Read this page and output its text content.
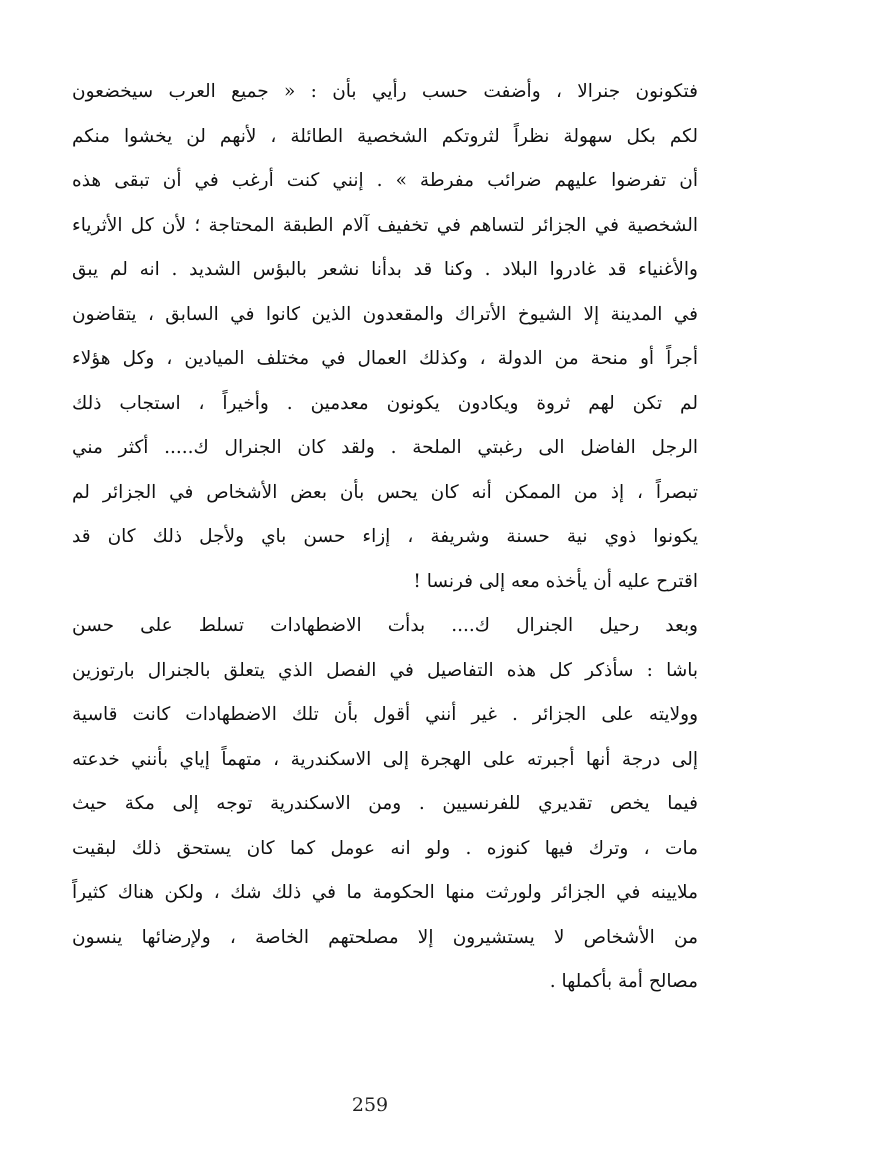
فتكونون جنرالا ، وأضفت حسب رأيي بأن : « جميع العرب سيخضعون
لكم بكل سهولة نظراً لثروتكم الشخصية الطائلة ، لأنهم لن يخشوا منكم
أن تفرضوا عليهم ضرائب مفرطة » . إنني كنت أرغب في أن تبقى هذه
الشخصية في الجزائر لتساهم في تخفيف آلام الطبقة المحتاجة ؛ لأن كل الأثرياء
والأغنياء قد غادروا البلاد . وكنا قد بدأنا نشعر بالبؤس الشديد . انه لم يبق
في المدينة إلا الشيوخ الأتراك والمقعدون الذين كانوا في السابق ، يتقاضون
أجراً أو منحة من الدولة ، وكذلك العمال في مختلف الميادين ، وكل هؤلاء
لم تكن لهم ثروة ويكادون يكونون معدمين . وأخيراً ، استجاب ذلك
الرجل الفاضل الى رغبتي الملحة . ولقد كان الجنرال ك..... أكثر مني
تبصراً ، إذ من الممكن أنه كان يحس بأن بعض الأشخاص في الجزائر لم
يكونوا ذوي نية حسنة وشريفة ، إزاء حسن باي ولأجل ذلك كان قد
اقترح عليه أن يأخذه معه إلى فرنسا !
وبعد رحيل الجنرال ك.... بدأت الاضطهادات تسلط على حسن
باشا : سأذكر كل هذه التفاصيل في الفصل الذي يتعلق بالجنرال بارتوزين
وولايته على الجزائر . غير أنني أقول بأن تلك الاضطهادات كانت قاسية
إلى درجة أنها أجبرته على الهجرة إلى الاسكندرية ، متهماً إياي بأنني خدعته
فيما يخص تقديري للفرنسيين . ومن الاسكندرية توجه إلى مكة حيث
مات ، وترك فيها كنوزه . ولو انه عومل كما كان يستحق ذلك لبقيت
ملايينه في الجزائر ولورثت منها الحكومة ما في ذلك شك ، ولكن هناك كثيراً
من الأشخاص لا يستشيرون إلا مصلحتهم الخاصة ، ولإرضائها ينسون
مصالح أمة بأكملها .
259
